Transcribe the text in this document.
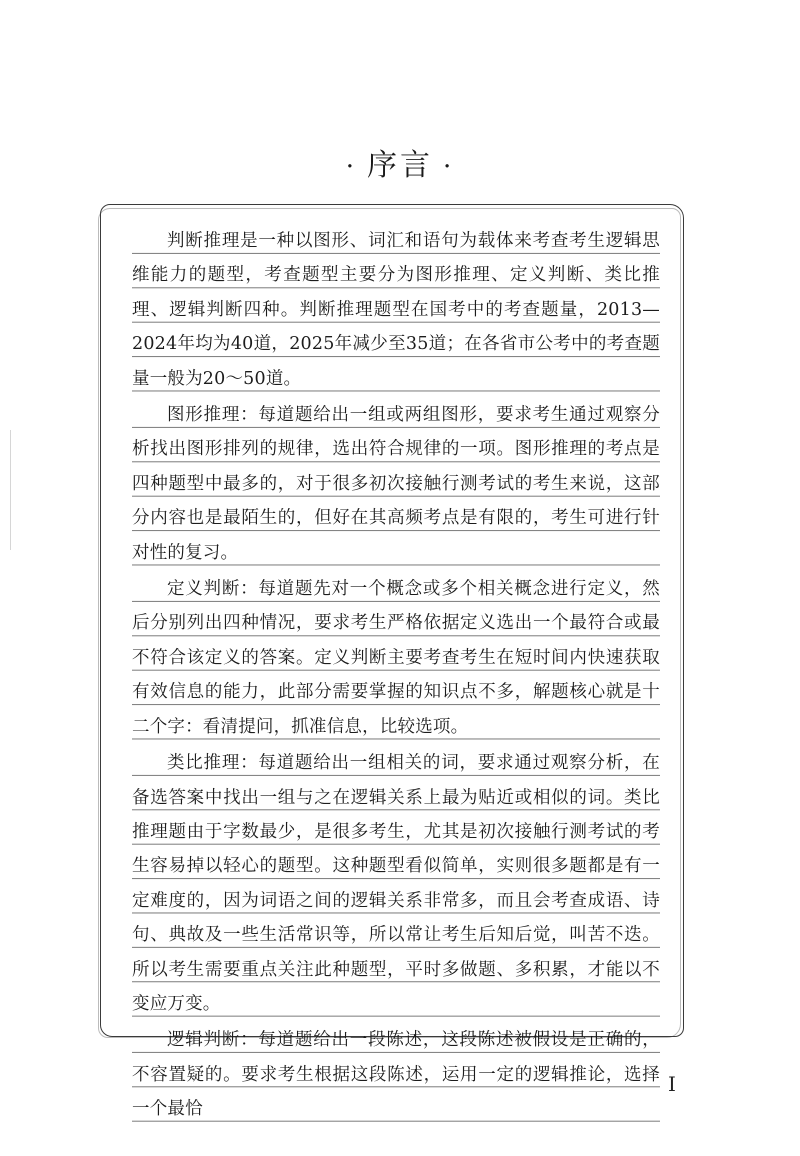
· 序言 ·

判断推理是一种以图形、词汇和语句为载体来考查考生逻辑思维能力的题型，考查题型主要分为图形推理、定义判断、类比推理、逻辑判断四种。判断推理题型在国考中的考查题量，2013—2024年均为40道，2025年减少至35道；在各省市公考中的考查题量一般为20～50道。

图形推理：每道题给出一组或两组图形，要求考生通过观察分析找出图形排列的规律，选出符合规律的一项。图形推理的考点是四种题型中最多的，对于很多初次接触行测考试的考生来说，这部分内容也是最陌生的，但好在其高频考点是有限的，考生可进行针对性的复习。

定义判断：每道题先对一个概念或多个相关概念进行定义，然后分别列出四种情况，要求考生严格依据定义选出一个最符合或最不符合该定义的答案。定义判断主要考查考生在短时间内快速获取有效信息的能力，此部分需要掌握的知识点不多，解题核心就是十二个字：看清提问，抓准信息，比较选项。

类比推理：每道题给出一组相关的词，要求通过观察分析，在备选答案中找出一组与之在逻辑关系上最为贴近或相似的词。类比推理题由于字数最少，是很多考生，尤其是初次接触行测考试的考生容易掉以轻心的题型。这种题型看似简单，实则很多题都是有一定难度的，因为词语之间的逻辑关系非常多，而且会考查成语、诗句、典故及一些生活常识等，所以常让考生后知后觉，叫苦不迭。所以考生需要重点关注此种题型，平时多做题、多积累，才能以不变应万变。

逻辑判断：每道题给出一段陈述，这段陈述被假设是正确的，不容置疑的。要求考生根据这段陈述，运用一定的逻辑推论，选择一个最恰

I
